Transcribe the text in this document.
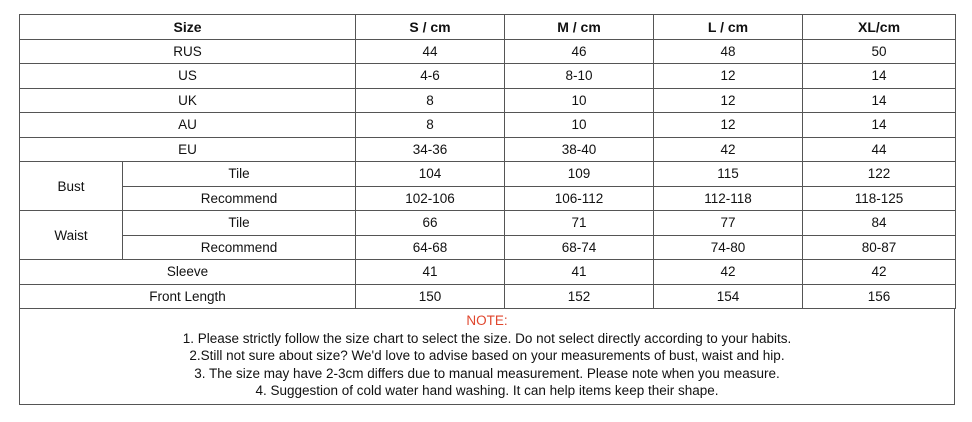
Size		S / cm	M / cm	L / cm	XL/cm
RUS		44	46	48	50
US		4-6	8-10	12	14
UK		8	10	12	14
AU		8	10	12	14
EU		34-36	38-40	42	44
Bust	Tile	104	109	115	122
	Recommend	102-106	106-112	112-118	118-125
Waist	Tile	66	71	77	84
	Recommend	64-68	68-74	74-80	80-87
Sleeve		41	41	42	42
Front Length		150	152	154	156
NOTE:
1. Please strictly follow the size chart to select the size. Do not select directly according to your habits.
2.Still not sure about size? We'd love to advise based on your measurements of bust, waist and hip.
3. The size may have 2-3cm differs due to manual measurement. Please note when you measure.
4. Suggestion of cold water hand washing. It can help items keep their shape.
